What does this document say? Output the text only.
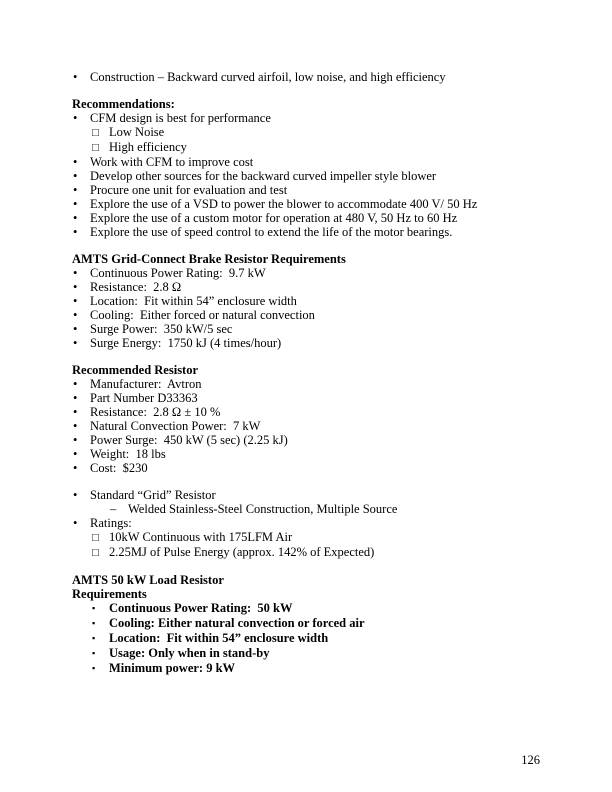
•	Construction – Backward curved airfoil, low noise, and high efficiency
Recommendations:
•	CFM design is best for performance
□ Low Noise
□ High efficiency
•	Work with CFM to improve cost
•	Develop other sources for the backward curved impeller style blower
•	Procure one unit for evaluation and test
•	Explore the use of a VSD to power the blower to accommodate 400 V/ 50 Hz
•	Explore the use of a custom motor for operation at 480 V, 50 Hz to 60 Hz
•	Explore the use of speed control to extend the life of the motor bearings.
AMTS Grid-Connect Brake Resistor Requirements
•	Continuous Power Rating:  9.7 kW
•	Resistance:  2.8 Ω
•	Location:  Fit within 54” enclosure width
•	Cooling:  Either forced or natural convection
•	Surge Power:  350 kW/5 sec
•	Surge Energy:  1750 kJ (4 times/hour)
Recommended Resistor
•	Manufacturer:  Avtron
•	Part Number D33363
•	Resistance:  2.8 Ω ± 10 %
•	Natural Convection Power:  7 kW
•	Power Surge:  450 kW (5 sec) (2.25 kJ)
•	Weight:  18 lbs
•	Cost:  $230
•	Standard “Grid” Resistor
– Welded Stainless-Steel Construction, Multiple Source
•	Ratings:
□ 10kW Continuous with 175LFM Air
□ 2.25MJ of Pulse Energy (approx. 142% of Expected)
AMTS 50 kW Load Resistor
Requirements
▪	Continuous Power Rating:  50 kW
▪	Cooling: Either natural convection or forced air
▪	Location:  Fit within 54” enclosure width
▪	Usage: Only when in stand-by
▪	Minimum power: 9 kW
126
